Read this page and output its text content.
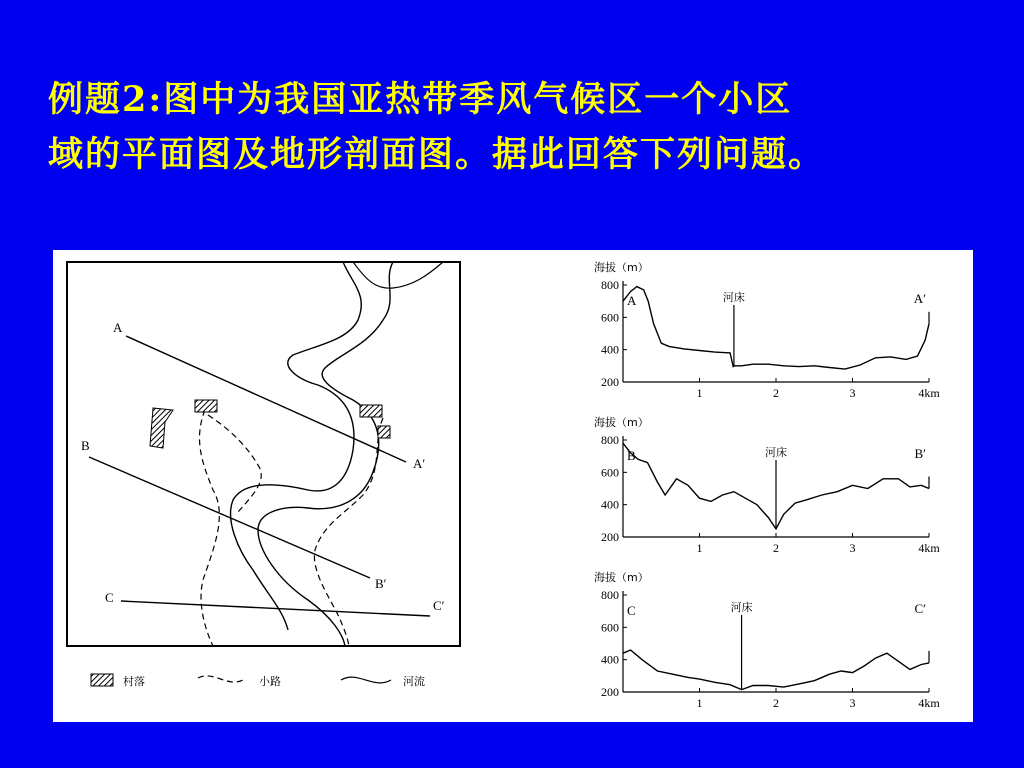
例题2:图中为我国亚热带季风气候区一个小区
域的平面图及地形剖面图。据此回答下列问题。
A
A′
B
B′
C
C′
村落	小路	河流
海拔（m）
200
400
600
800
1	2	3	4km
河床
A	A′
海拔（m）
200
400
600
800
1	2	3	4km
河床
B	B′
海拔（m）
200
400
600
800
1	2	3	4km
河床
C	C′
